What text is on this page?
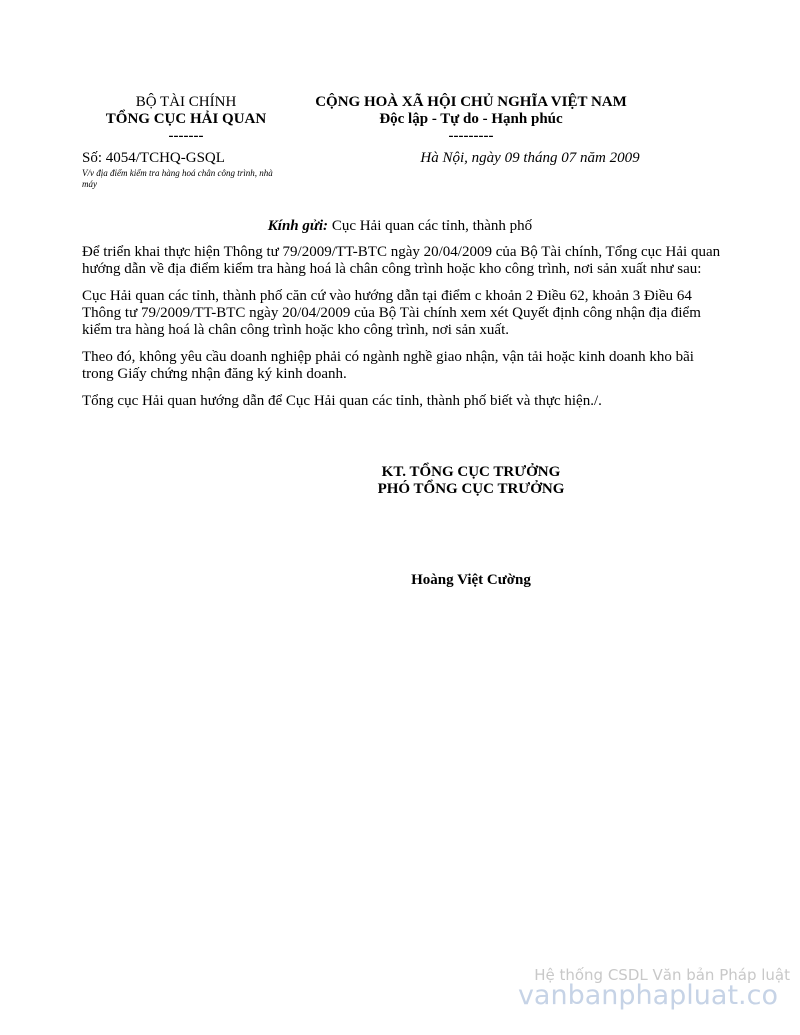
BỘ TÀI CHÍNH
TỔNG CỤC HẢI QUAN
-------
CỘNG HOÀ XÃ HỘI CHỦ NGHĨA VIỆT NAM
Độc lập - Tự do - Hạnh phúc
---------
Số: 4054/TCHQ-GSQL
V/v địa điểm kiểm tra hàng hoá chân công trình, nhà máy
Hà Nội, ngày 09 tháng 07 năm 2009
Kính gửi: Cục Hải quan các tỉnh, thành phố

Để triển khai thực hiện Thông tư 79/2009/TT-BTC ngày 20/04/2009 của Bộ Tài chính, Tổng cục Hải quan hướng dẫn về địa điểm kiểm tra hàng hoá là chân công trình hoặc kho công trình, nơi sản xuất như sau:

Cục Hải quan các tỉnh, thành phố căn cứ vào hướng dẫn tại điểm c khoản 2 Điều 62, khoản 3 Điều 64 Thông tư 79/2009/TT-BTC ngày 20/04/2009 của Bộ Tài chính xem xét Quyết định công nhận địa điểm kiểm tra hàng hoá là chân công trình hoặc kho công trình, nơi sản xuất.

Theo đó, không yêu cầu doanh nghiệp phải có ngành nghề giao nhận, vận tải hoặc kinh doanh kho bãi trong Giấy chứng nhận đăng ký kinh doanh.

Tổng cục Hải quan hướng dẫn để Cục Hải quan các tỉnh, thành phố biết và thực hiện./.

KT. TỔNG CỤC TRƯỞNG
PHÓ TỔNG CỤC TRƯỞNG
Hoàng Việt Cường
Hệ thống CSDL Văn bản Pháp luật
vanbanphapluat.co
